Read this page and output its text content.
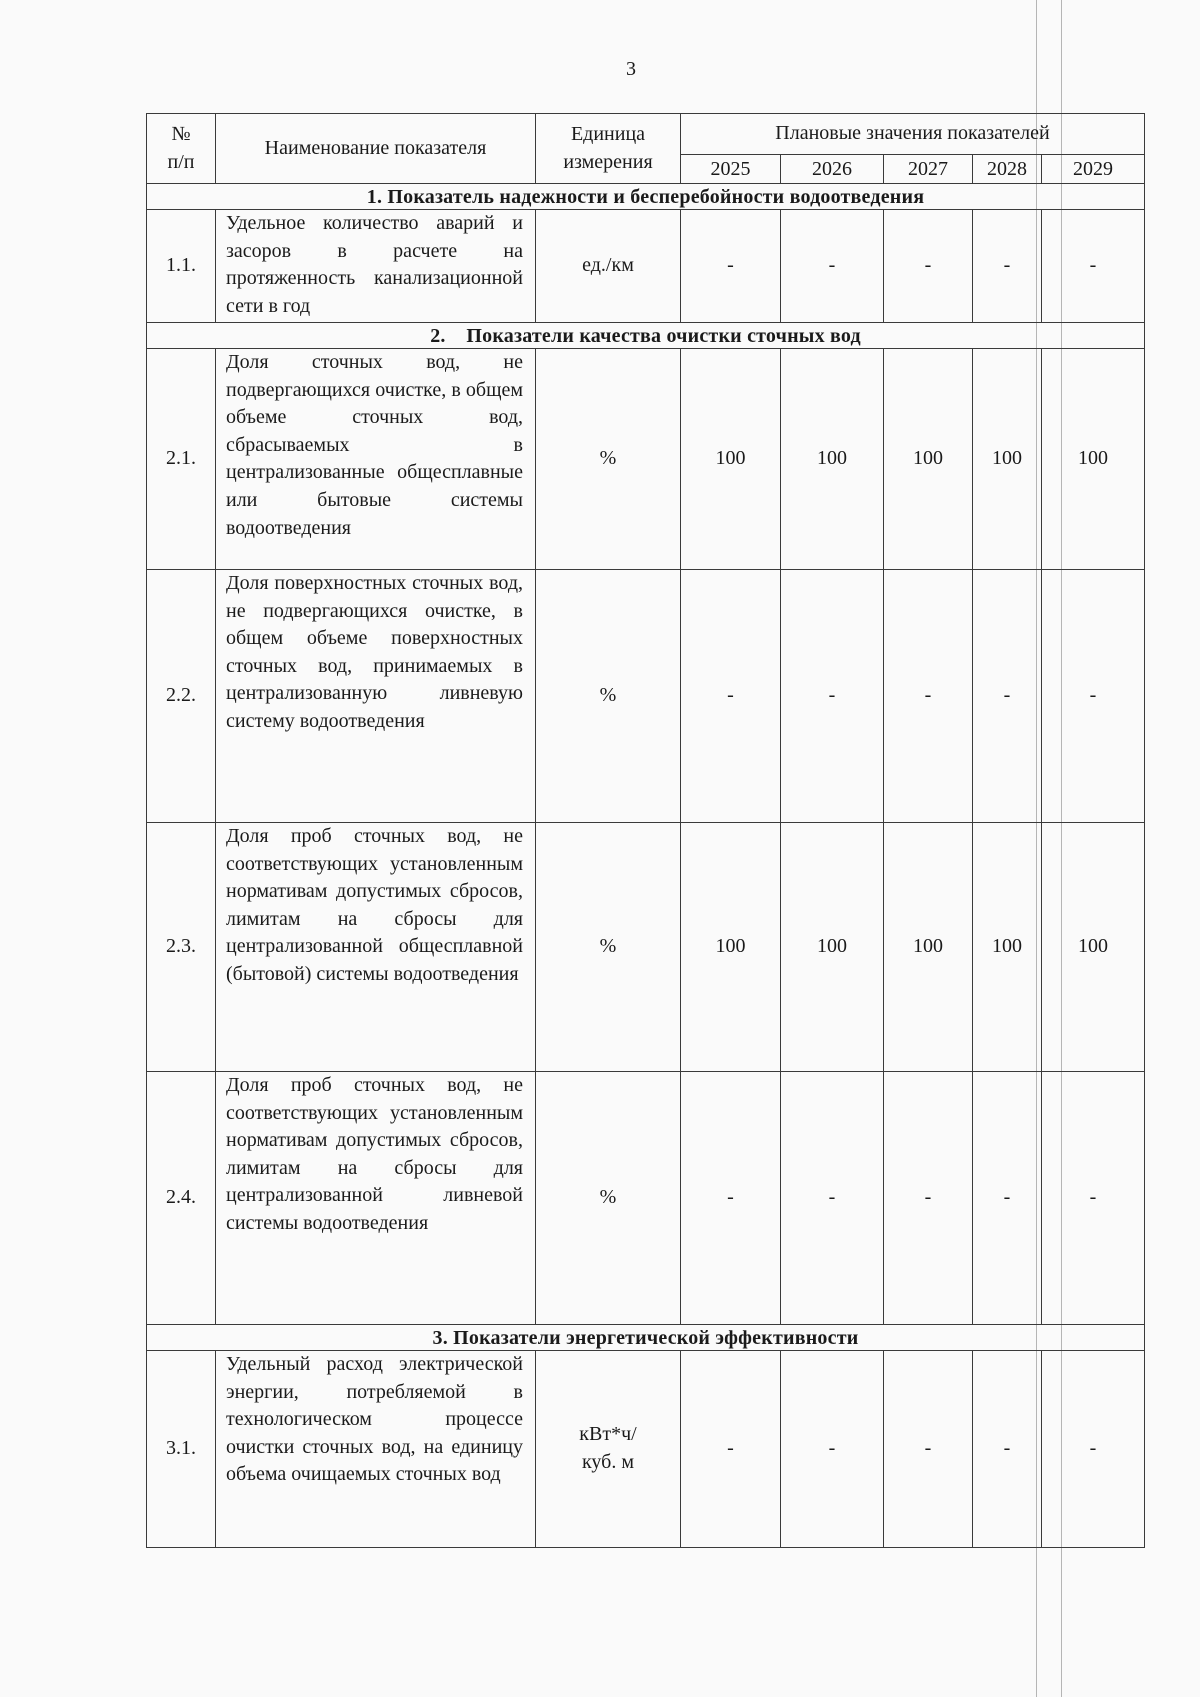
3
№
п/п	Наименование показателя	Единица
измерения	Плановые значения показателей				
			2025	2026	2027	2028	2029
1. Показатель надежности и бесперебойности водоотведения							
1.1.	Удельное количество аварий и засоров в расчете на протяженность канализационной сети в год	ед./км	-	-	-	-	-
2.    Показатели качества очистки сточных вод							
2.1.	Доля сточных вод, не подвергающихся очистке, в общем объеме сточных вод, сбрасываемых в централизованные общесплавные или бытовые системы водоотведения	%	100	100	100	100	100
2.2.	Доля поверхностных сточных вод, не подвергающихся очистке, в общем объеме поверхностных сточных вод, принимаемых в централизованную ливневую систему водоотведения	%	-	-	-	-	-
2.3.	Доля проб сточных вод, не соответствующих установленным нормативам допустимых сбросов, лимитам на сбросы для централизованной общесплавной (бытовой) системы водоотведения	%	100	100	100	100	100
2.4.	Доля проб сточных вод, не соответствующих установленным нормативам допустимых сбросов, лимитам на сбросы для централизованной ливневой системы водоотведения	%	-	-	-	-	-
3. Показатели энергетической эффективности							
3.1.	Удельный расход электрической энергии, потребляемой в технологическом процессе очистки сточных вод, на единицу объема очищаемых сточных вод	кВт*ч/
куб. м	-	-	-	-	-
